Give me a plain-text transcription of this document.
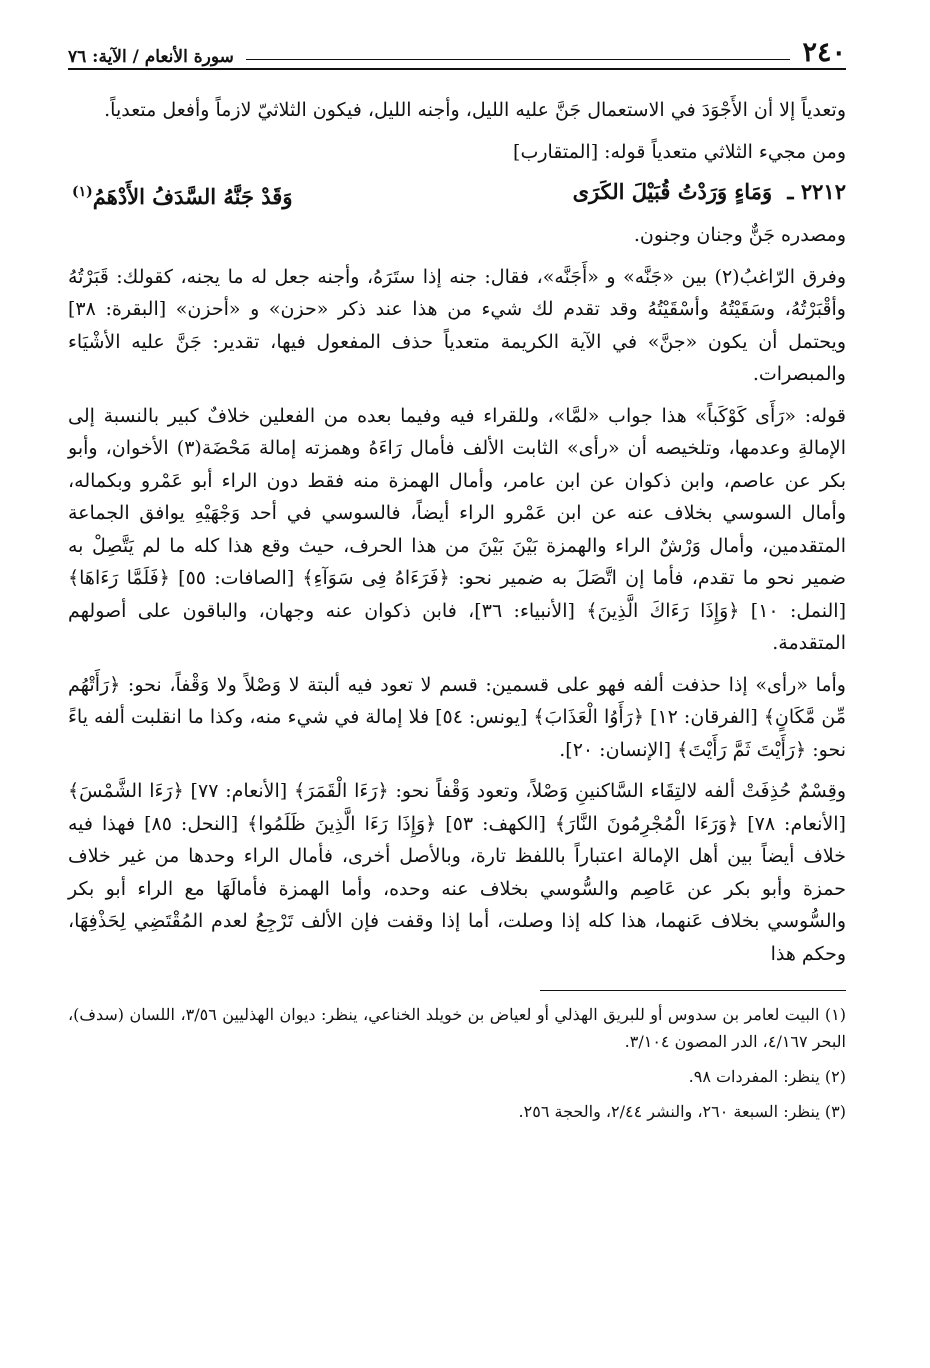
٢٤٠
سورة الأنعام / الآية: ٧٦

وتعدياً إلا أن الأَجْوَدَ في الاستعمال جَنَّ عليه الليل، وأجنه الليل، فيكون الثلاثيّ لازماً وأفعل متعدياً.

ومن مجيء الثلاثي متعدياً قوله: [المتقارب]

٢٢١٢ ـ وَمَاءٍ وَرَدْتُ قُبَيْلَ الكَرَى
وَقَدْ جَنَّهُ السَّدَفُ الأَدْهَمُ$^{(١)}$

ومصدره جَنٌّ وجنان وجنون.

وفرق الرّاغبُ(٢) بين «جَنَّه» و «أَجَنَّه»، فقال: جنه إذا ستَرَهُ، وأجنه جعل له ما يجنه، كقولك: قَبَرْتُهُ وأقْبَرْتُهُ، وسَقَيْتُهُ وأسْقَيْتُهُ وقد تقدم لك شيء من هذا عند ذكر «حزن» و «أحزن» [البقرة: ٣٨] ويحتمل أن يكون «جنَّ» في الآية الكريمة متعدياً حذف المفعول فيها، تقدير: جَنَّ عليه الأشْيَاء والمبصرات.

قوله: «رَأَى كَوْكَباً» هذا جواب «لمَّا»، وللقراء فيه وفيما بعده من الفعلين خلافٌ كبير بالنسبة إلى الإمالةِ وعدمها، وتلخيصه أن «رأى» الثابت الألف فأمال رَاءَهُ وهمزته إمالة مَحْضَة(٣) الأخوان، وأبو بكر عن عاصم، وابن ذكوان عن ابن عامر، وأمال الهمزة منه فقط دون الراء أبو عَمْرو وبكماله، وأمال السوسي بخلاف عنه عن ابن عَمْرو الراء أيضاً، فالسوسي في أحد وَجْهَيْهِ يوافق الجماعة المتقدمين، وأمال وَرْشٌ الراء والهمزة بَيْنَ بَيْنَ من هذا الحرف، حيث وقع هذا كله ما لم يَتَّصِلْ به ضمير نحو ما تقدم، فأما إن اتَّصَلَ به ضمير نحو: ﴿فَرَءَاهُ فِى سَوَآءِ﴾ [الصافات: ٥٥] ﴿فَلَمَّا رَءَاهَا﴾ [النمل: ١٠] ﴿وَإِذَا رَءَاكَ الَّذِينَ﴾ [الأنبياء: ٣٦]، فابن ذكوان عنه وجهان، والباقون على أصولهم المتقدمة.

وأما «رأى» إذا حذفت ألفه فهو على قسمين: قسم لا تعود فيه ألبتة لا وَصْلاً ولا وَقْفاً، نحو: ﴿رَأَتْهُم مِّن مَّكَانٍ﴾ [الفرقان: ١٢] ﴿رَأَوُا الْعَذَابَ﴾ [يونس: ٥٤] فلا إمالة في شيء منه، وكذا ما انقلبت ألفه ياءً نحو: ﴿رَأَيْتَ ثَمَّ رَأَيْتَ﴾ [الإنسان: ٢٠].

وقِسْمٌ حُذِفَتْ ألفه لالتِقَاء السَّاكنينِ وَصْلاً، وتعود وَقْفاً نحو: ﴿رَءَا الْقَمَرَ﴾ [الأنعام: ٧٧] ﴿رَءَا الشَّمْسَ﴾ [الأنعام: ٧٨] ﴿وَرَءَا الْمُجْرِمُونَ النَّارَ﴾ [الكهف: ٥٣] ﴿وَإِذَا رَءَا الَّذِينَ ظَلَمُوا﴾ [النحل: ٨٥] فهذا فيه خلاف أيضاً بين أهل الإمالة اعتباراً باللفظ تارة، وبالأصل أخرى، فأمال الراء وحدها من غير خلاف حمزة وأبو بكر عن عَاصِم والسُّوسي بخلاف عنه وحده، وأما الهمزة فأمالَهَا مع الراء أبو بكر والسُّوسي بخلاف عَنهما، هذا كله إذا وصلت، أما إذا وقفت فإن الألف تَرْجِعُ لعدم المُقْتَضِي لِحَذْفِهَا، وحكم هذا

(١) البيت لعامر بن سدوس أو للبريق الهذلي أو لعياض بن خويلد الخناعي، ينظر: ديوان الهذليين ٣/٥٦، اللسان (سدف)، البحر ٤/١٦٧، الدر المصون ٣/١٠٤.

(٢) ينظر: المفردات ٩٨.

(٣) ينظر: السبعة ٢٦٠، والنشر ٢/٤٤، والحجة ٢٥٦.
